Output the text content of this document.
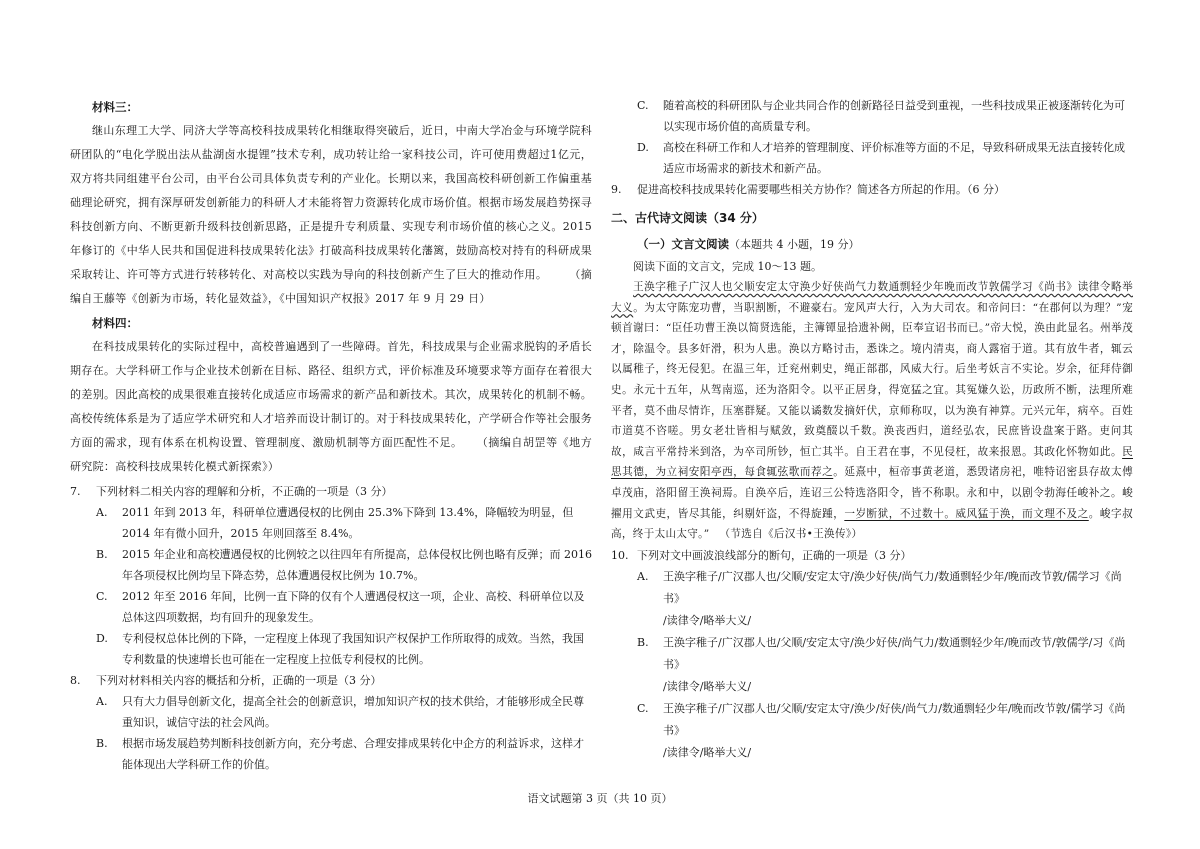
材料三：

继山东理工大学、同济大学等高校科技成果转化相继取得突破后，近日，中南大学冶金与环境学院科研团队的“电化学脱出法从盐湖卤水提锂”技术专利，成功转让给一家科技公司，许可使用费超过1亿元，双方将共同组建平台公司，由平台公司具体负责专利的产业化。长期以来，我国高校科研创新工作偏重基础理论研究，拥有深厚研发创新能力的科研人才未能将智力资源转化成市场价值。根据市场发展趋势探寻科技创新方向、不断更新升级科技创新思路，正是提升专利质量、实现专利市场价值的核心之义。2015年修订的《中华人民共和国促进科技成果转化法》打破高科技成果转化藩篱，鼓励高校对持有的科研成果采取转让、许可等方式进行转移转化、对高校以实践为导向的科技创新产生了巨大的推动作用。 （摘编自王藤等《创新为市场，转化显效益》，《中国知识产权报》2017 年 9 月 29 日）

材料四：

在科技成果转化的实际过程中，高校普遍遇到了一些障碍。首先，科技成果与企业需求脱钩的矛盾长期存在。大学科研工作与企业技术创新在目标、路径、组织方式，评价标准及环境要求等方面存在着很大的差别。因此高校的成果很难直接转化成适应市场需求的新产品和新技术。其次，成果转化的机制不畅。高校传统体系是为了适应学术研究和人才培养而设计制订的。对于科技成果转化，产学研合作等社会服务方面的需求，现有体系在机构设置、管理制度、激励机制等方面匹配性不足。 （摘编自胡罡等《地方研究院：高校科技成果转化模式新探索》）

7.	下列材料二相关内容的理解和分析，不正确的一项是（3 分）
A.	2011 年到 2013 年，科研单位遭遇侵权的比例由 25.3%下降到 13.4%，降幅较为明显，但 2014 年有微小回升，2015 年则回落至 8.4%。
B.	2015 年企业和高校遭遇侵权的比例较之以往四年有所提高，总体侵权比例也略有反弹；而 2016 年各项侵权比例均呈下降态势，总体遭遇侵权比例为 10.7%。
C.	2012 年至 2016 年间，比例一直下降的仅有个人遭遇侵权这一项，企业、高校、科研单位以及总体这四项数据，均有回升的现象发生。
D.	专利侵权总体比例的下降，一定程度上体现了我国知识产权保护工作所取得的成效。当然，我国专利数量的快速增长也可能在一定程度上拉低专利侵权的比例。
8.	下列对材料相关内容的概括和分析，正确的一项是（3 分）
A.	只有大力倡导创新文化，提高全社会的创新意识，增加知识产权的技术供给，才能够形成全民尊重知识，诚信守法的社会风尚。
B.	根据市场发展趋势判断科技创新方向，充分考虑、合理安排成果转化中企方的利益诉求，这样才能体现出大学科研工作的价值。
C.	随着高校的科研团队与企业共同合作的创新路径日益受到重视，一些科技成果正被逐渐转化为可以实现市场价值的高质量专利。
D.	高校在科研工作和人才培养的管理制度、评价标准等方面的不足，导致科研成果无法直接转化成适应市场需求的新技术和新产品。
9.	促进高校科技成果转化需要哪些相关方协作？简述各方所起的作用。（6 分）

二、古代诗文阅读（34 分）

（一）文言文阅读（本题共 4 小题，19 分）

阅读下面的文言文，完成 10～13 题。

王涣字稚子广汉人也父顺安定太守涣少好侠尚气力数通剽轻少年晚而改节敦儒学习《尚书》读律令略举大义。为太守陈宠功曹，当职割断，不避豪右。宠风声大行，入为大司农。和帝问曰：“在郡何以为理？”宠顿首谢曰：“臣任功曹王涣以简贤选能，主簿镡显拾遗补阙，臣奉宣诏书而已。”帝大悦，涣由此显名。州举茂才，除温令。县多奸滑，积为人患。涣以方略讨击，悉诛之。境内清夷，商人露宿于道。其有放牛者，辄云以属稚子，终无侵犯。在温三年，迁兖州刺史，绳正部郡，风威大行。后坐考妖言不实论。岁余，征拜侍御史。永元十五年，从驾南巡，还为洛阳令。以平正居身，得宽猛之宜。其冤嫌久讼，历政所不断，法理所难平者，莫不曲尽情诈，压塞群疑。又能以谲数发摘奸伏，京师称叹，以为涣有神算。元兴元年，病卒。百姓市道莫不咨嗟。男女老壮皆相与赋敛，致奠醊以千数。涣丧西归，道经弘农，民庶皆设盘案于路。吏问其故，咸言平常持米到洛，为卒司所钞，恒亡其半。自王君在事，不见侵枉，故来报恩。其政化怀物如此。民思其德，为立祠安阳亭西，每食辄弦歌而荐之。延熹中，桓帝事黄老道，悉毁诸房祀，唯特诏密县存故太傅卓茂庙，洛阳留王涣祠焉。自涣卒后，连诏三公特选洛阳令，皆不称职。永和中，以剧令勃海任峻补之。峻擢用文武吏，皆尽其能，纠剔奸盗，不得旋踵，一岁断狱，不过数十。威风猛于涣，而文理不及之。峻字叔高，终于太山太守。” （节选自《后汉书•王涣传》）

10. 下列对文中画波浪线部分的断句，正确的一项是（3 分）
A.	王涣字稚子/广汉郡人也/父顺/安定太守/涣少好侠/尚气力/数通剽轻少年/晚而改节敦/儒学习《尚书》
/读律令/略举大义/
B.	王涣字稚子/广汉郡人也/父顺/安定太守/涣少好侠/尚气力/数通剽轻少年/晚而改节/敦儒学/习《尚书》
/读律令/略举大义/
C.	王涣字稚子/广汉郡人也/父顺/安定太守/涣少/好侠/尚气力/数通剽轻少年/晚而改节敦/儒学习《尚书》
/读律令/略举大义/
语文试题第 3 页（共 10 页）
